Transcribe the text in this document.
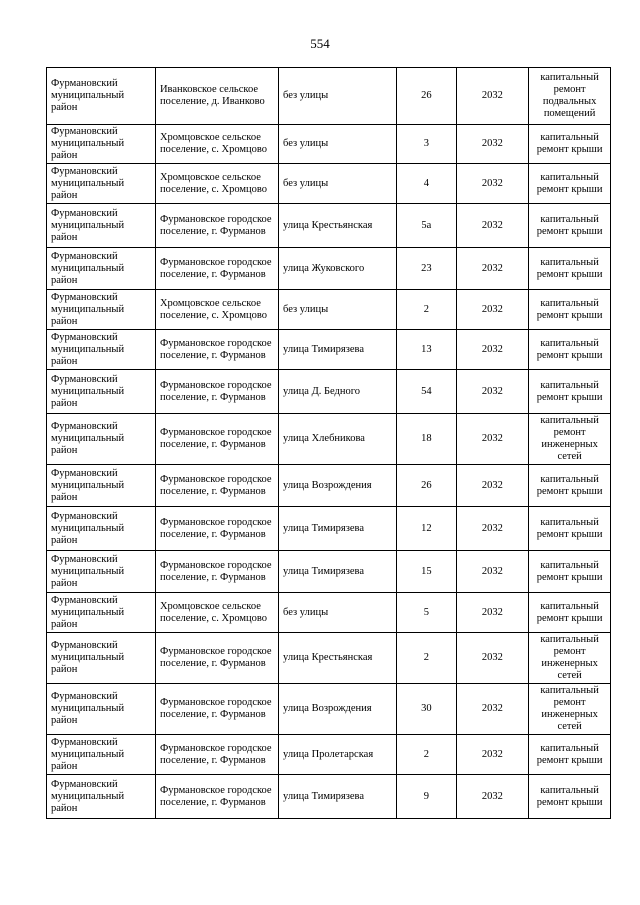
554
Фурмановский муниципальный район	Иванковское сельское поселение, д. Иванково	без улицы	26	2032	капитальный ремонт подвальных помещений
Фурмановский муниципальный район	Хромцовское сельское поселение, с. Хромцово	без улицы	3	2032	капитальный ремонт крыши
Фурмановский муниципальный район	Хромцовское сельское поселение, с. Хромцово	без улицы	4	2032	капитальный ремонт крыши
Фурмановский муниципальный район	Фурмановское городское поселение, г. Фурманов	улица Крестьянская	5а	2032	капитальный ремонт крыши
Фурмановский муниципальный район	Фурмановское городское поселение, г. Фурманов	улица Жуковского	23	2032	капитальный ремонт крыши
Фурмановский муниципальный район	Хромцовское сельское поселение, с. Хромцово	без улицы	2	2032	капитальный ремонт крыши
Фурмановский муниципальный район	Фурмановское городское поселение, г. Фурманов	улица Тимирязева	13	2032	капитальный ремонт крыши
Фурмановский муниципальный район	Фурмановское городское поселение, г. Фурманов	улица Д. Бедного	54	2032	капитальный ремонт крыши
Фурмановский муниципальный район	Фурмановское городское поселение, г. Фурманов	улица Хлебникова	18	2032	капитальный ремонт инженерных сетей
Фурмановский муниципальный район	Фурмановское городское поселение, г. Фурманов	улица Возрождения	26	2032	капитальный ремонт крыши
Фурмановский муниципальный район	Фурмановское городское поселение, г. Фурманов	улица Тимирязева	12	2032	капитальный ремонт крыши
Фурмановский муниципальный район	Фурмановское городское поселение, г. Фурманов	улица Тимирязева	15	2032	капитальный ремонт крыши
Фурмановский муниципальный район	Хромцовское сельское поселение, с. Хромцово	без улицы	5	2032	капитальный ремонт крыши
Фурмановский муниципальный район	Фурмановское городское поселение, г. Фурманов	улица Крестьянская	2	2032	капитальный ремонт инженерных сетей
Фурмановский муниципальный район	Фурмановское городское поселение, г. Фурманов	улица Возрождения	30	2032	капитальный ремонт инженерных сетей
Фурмановский муниципальный район	Фурмановское городское поселение, г. Фурманов	улица Пролетарская	2	2032	капитальный ремонт крыши
Фурмановский муниципальный район	Фурмановское городское поселение, г. Фурманов	улица Тимирязева	9	2032	капитальный ремонт крыши
